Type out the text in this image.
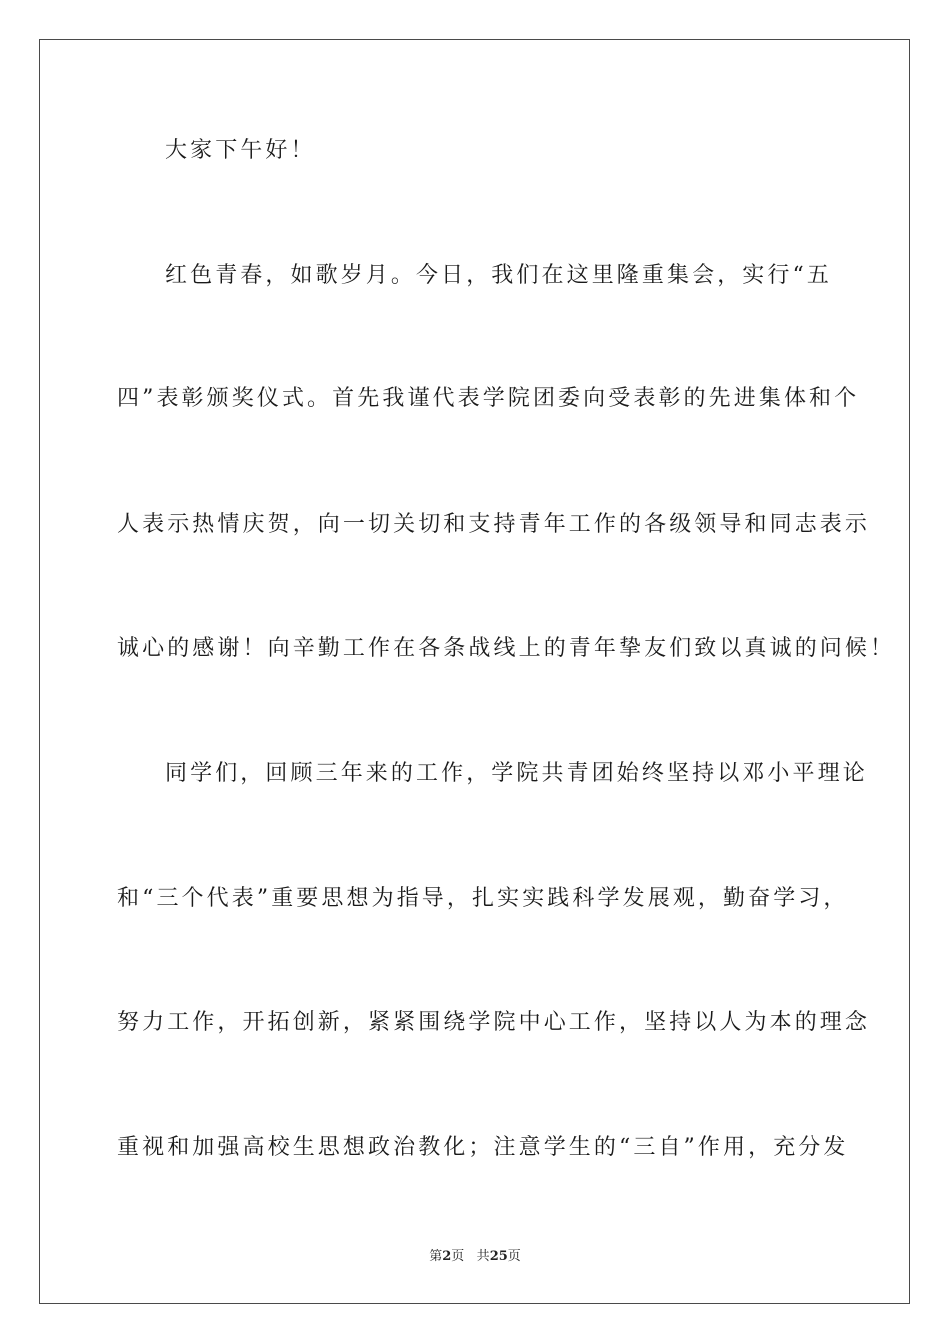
大家下午好！
红色青春，如歌岁月。今日，我们在这里隆重集会，实行“五
四”表彰颁奖仪式。首先我谨代表学院团委向受表彰的先进集体和个
人表示热情庆贺，向一切关切和支持青年工作的各级领导和同志表示
诚心的感谢！向辛勤工作在各条战线上的青年挚友们致以真诚的问候！
同学们，回顾三年来的工作，学院共青团始终坚持以邓小平理论
和“三个代表”重要思想为指导，扎实实践科学发展观，勤奋学习，
努力工作，开拓创新，紧紧围绕学院中心工作，坚持以人为本的理念
重视和加强高校生思想政治教化；注意学生的“三自”作用，充分发
第2页 共25页
